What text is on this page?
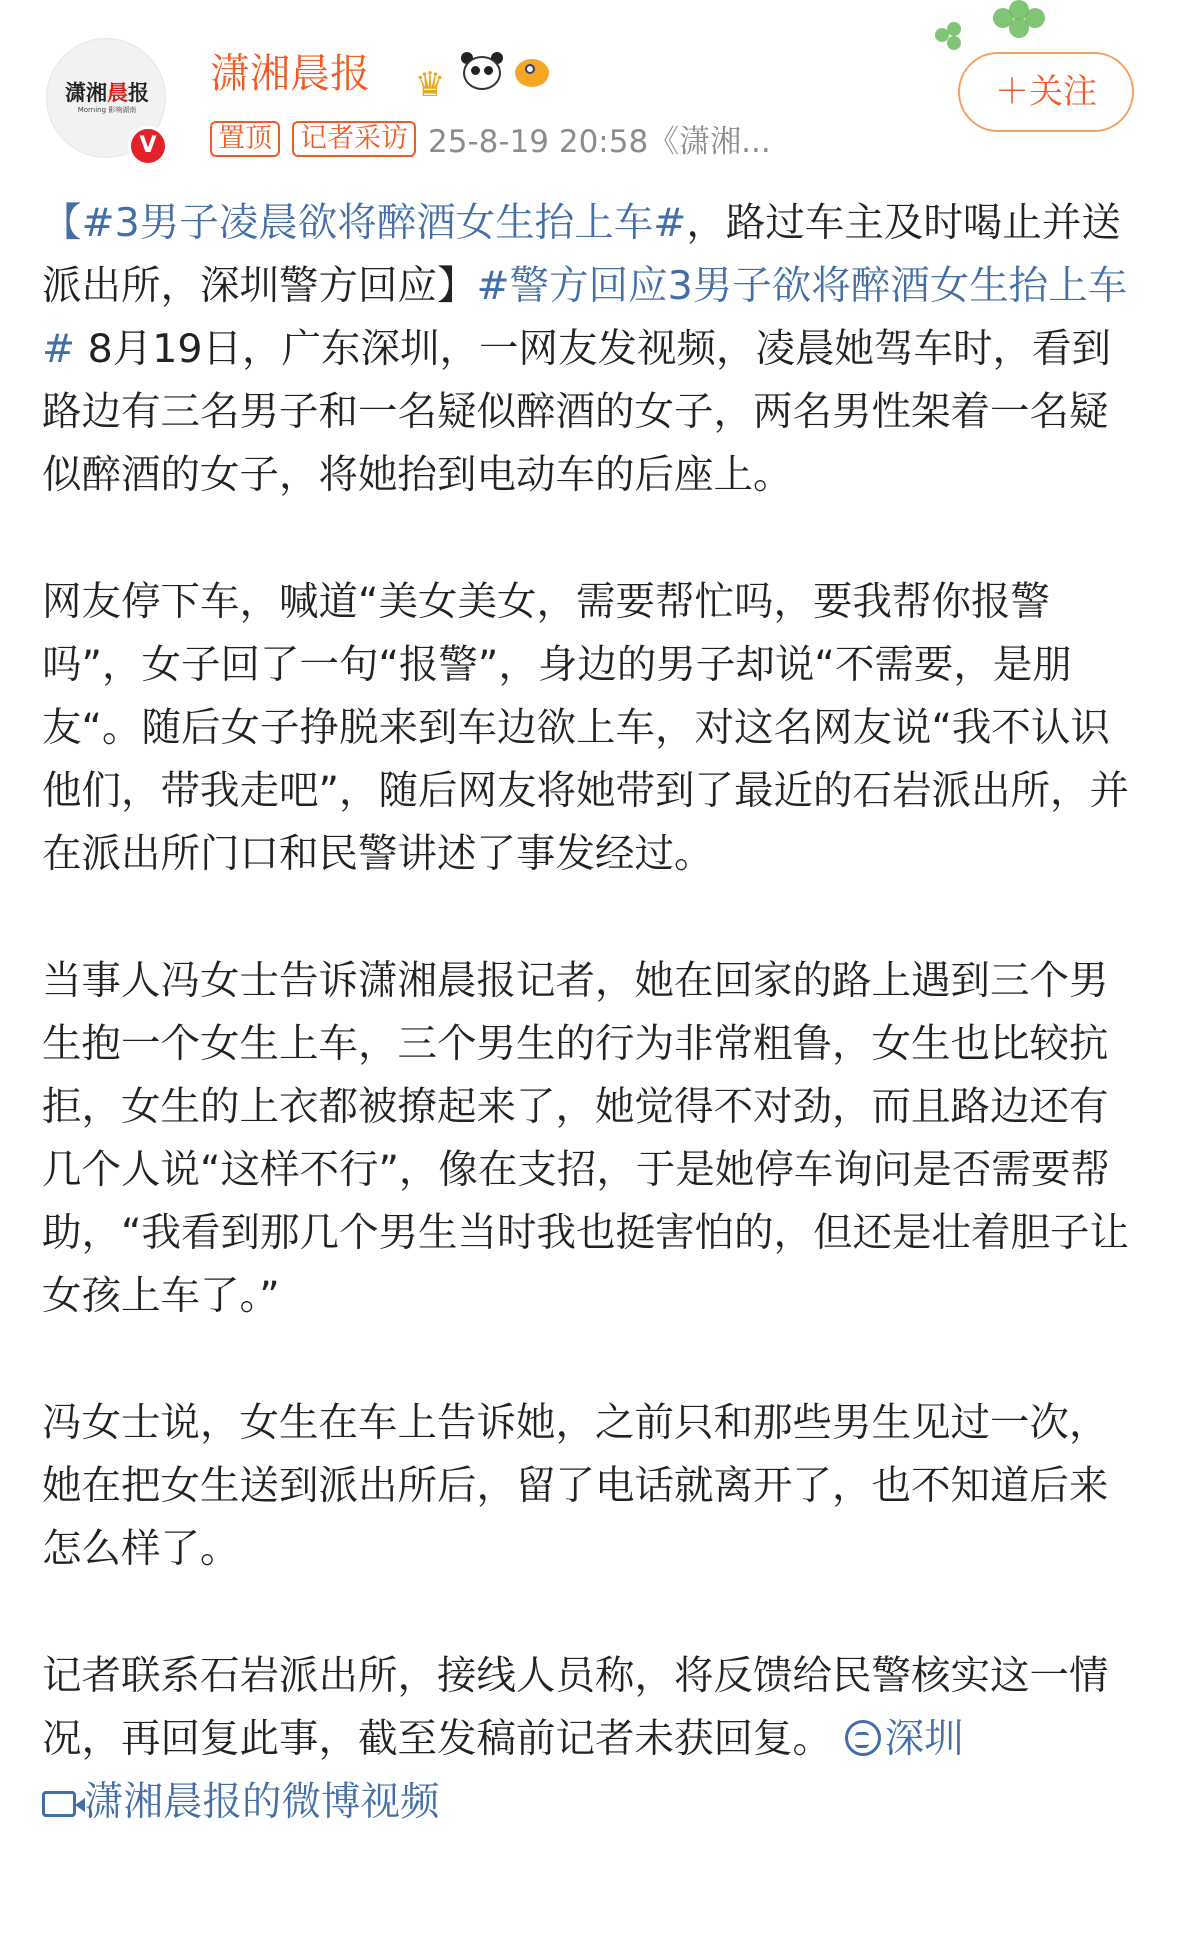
潇湘晨报
Morning 影响湖南
V
潇湘晨报 ♛
置顶 记者采访 25-8-19 20:58《潇湘...
＋关注

【#3男子凌晨欲将醉酒女生抬上车#，路过车主及时喝止并送派出所，深圳警方回应】#警方回应3男子欲将醉酒女生抬上车# 8月19日，广东深圳，一网友发视频，凌晨她驾车时，看到路边有三名男子和一名疑似醉酒的女子，两名男性架着一名疑似醉酒的女子，将她抬到电动车的后座上。

网友停下车，喊道“美女美女，需要帮忙吗，要我帮你报警吗”，女子回了一句“报警”，身边的男子却说“不需要，是朋友“。随后女子挣脱来到车边欲上车，对这名网友说“我不认识他们，带我走吧”，随后网友将她带到了最近的石岩派出所，并在派出所门口和民警讲述了事发经过。

当事人冯女士告诉潇湘晨报记者，她在回家的路上遇到三个男生抱一个女生上车，三个男生的行为非常粗鲁，女生也比较抗拒，女生的上衣都被撩起来了，她觉得不对劲，而且路边还有几个人说“这样不行”，像在支招，于是她停车询问是否需要帮助，“我看到那几个男生当时我也挺害怕的，但还是壮着胆子让女孩上车了。”

冯女士说，女生在车上告诉她，之前只和那些男生见过一次，她在把女生送到派出所后，留了电话就离开了，也不知道后来怎么样了。

记者联系石岩派出所，接线人员称，将反馈给民警核实这一情况，再回复此事，截至发稿前记者未获回复。 深圳
潇湘晨报的微博视频
